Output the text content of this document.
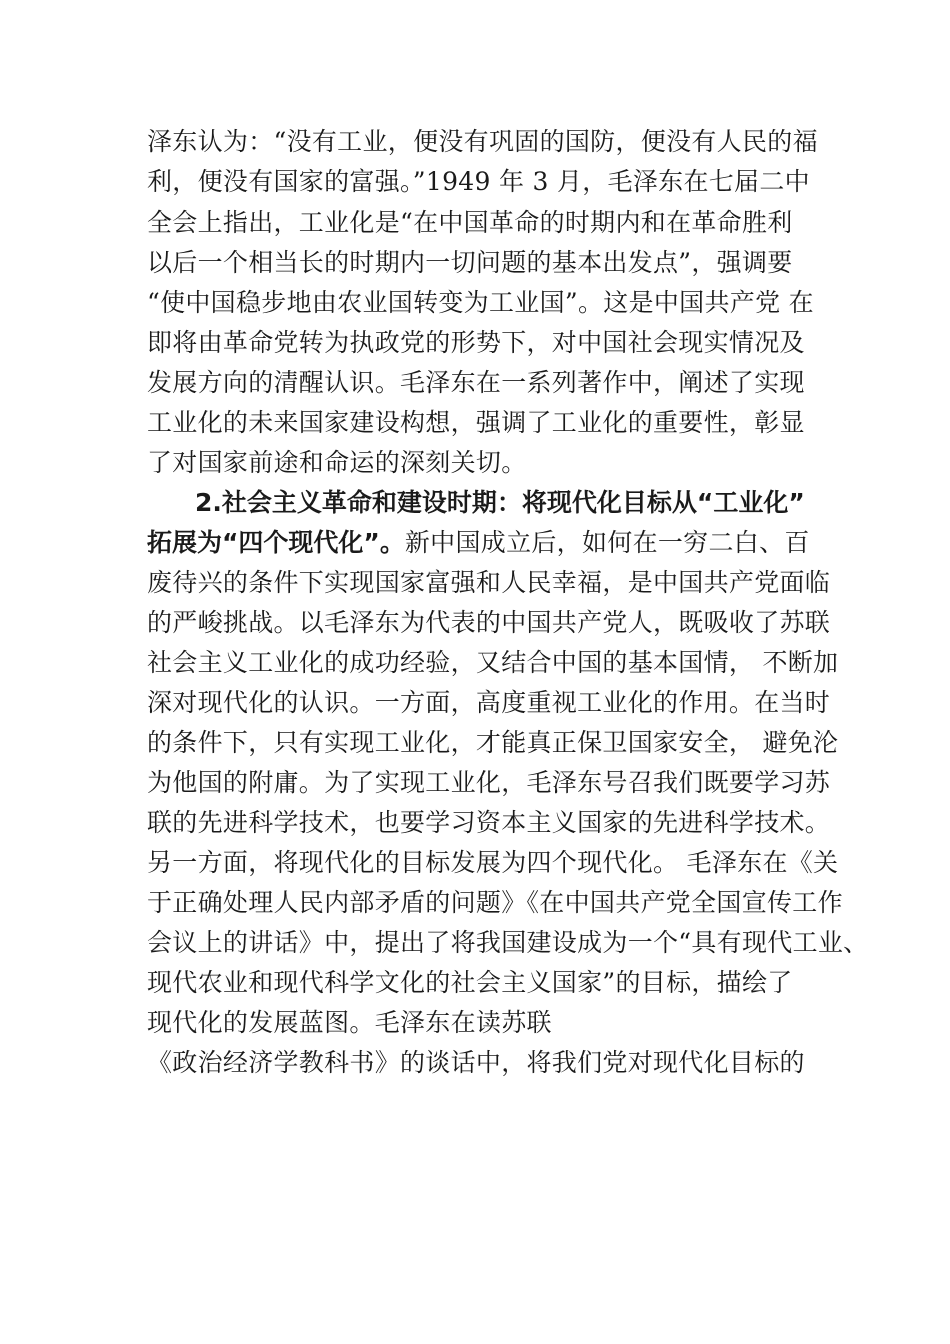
泽东认为：“没有工业，便没有巩固的国防，便没有人民的福
利，便没有国家的富强。”1949 年 3 月，毛泽东在七届二中
全会上指出，工业化是“在中国革命的时期内和在革命胜利
以后一个相当长的时期内一切问题的基本出发点”，强调要
“使中国稳步地由农业国转变为工业国”。这是中国共产党 在
即将由革命党转为执政党的形势下，对中国社会现实情况及
发展方向的清醒认识。毛泽东在一系列著作中，阐述了实现
工业化的未来国家建设构想，强调了工业化的重要性，彰显
了对国家前途和命运的深刻关切。
2.社会主义革命和建设时期：将现代化目标从“工业化”
拓展为“四个现代化”。新中国成立后，如何在一穷二白、百
废待兴的条件下实现国家富强和人民幸福，是中国共产党面临
的严峻挑战。以毛泽东为代表的中国共产党人，既吸收了苏联
社会主义工业化的成功经验，又结合中国的基本国情， 不断加
深对现代化的认识。一方面，高度重视工业化的作用。在当时
的条件下，只有实现工业化，才能真正保卫国家安全， 避免沦
为他国的附庸。为了实现工业化，毛泽东号召我们既要学习苏
联的先进科学技术，也要学习资本主义国家的先进科学技术。
另一方面，将现代化的目标发展为四个现代化。 毛泽东在《关
于正确处理人民内部矛盾的问题》《在中国共产党全国宣传工作
会议上的讲话》中，提出了将我国建设成为一个“具有现代工业、
现代农业和现代科学文化的社会主义国家”的目标，描绘了
现代化的发展蓝图。毛泽东在读苏联
《政治经济学教科书》的谈话中，将我们党对现代化目标的
